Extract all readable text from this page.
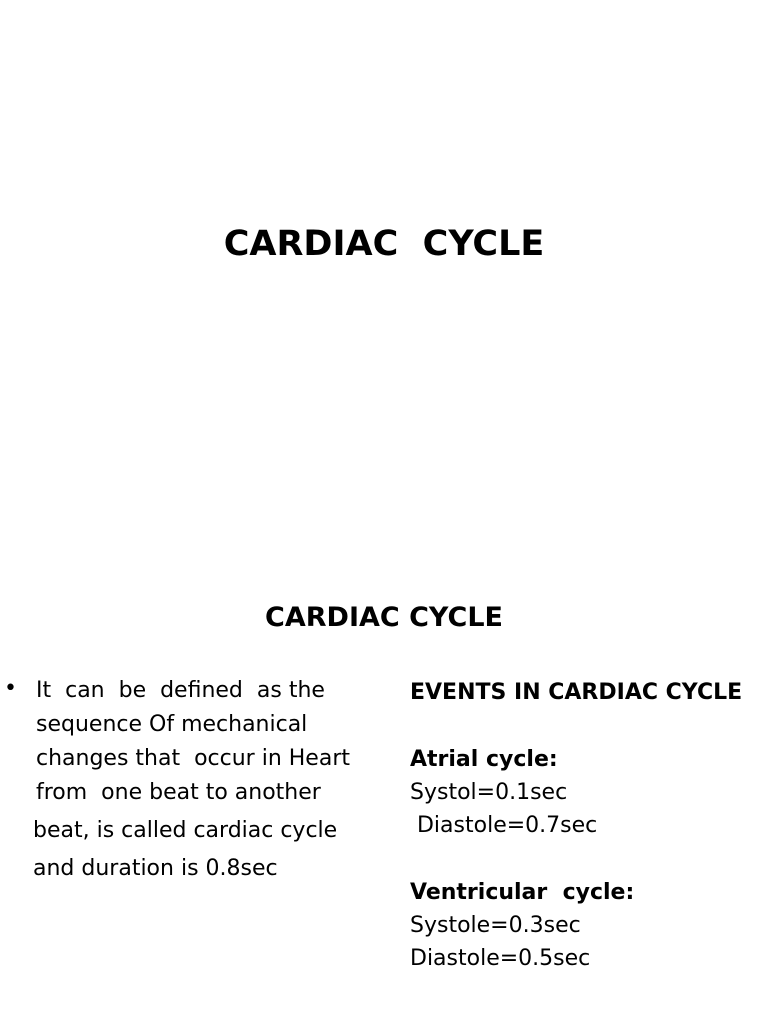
CARDIAC  CYCLE
CARDIAC CYCLE
• It  can  be  defined  as the
sequence Of mechanical
changes that  occur in Heart
from  one beat to another
beat, is called cardiac cycle
and duration is 0.8sec
EVENTS IN CARDIAC CYCLE
Atrial cycle:
Systol=0.1sec
Diastole=0.7sec
Ventricular  cycle:
Systole=0.3sec
Diastole=0.5sec
